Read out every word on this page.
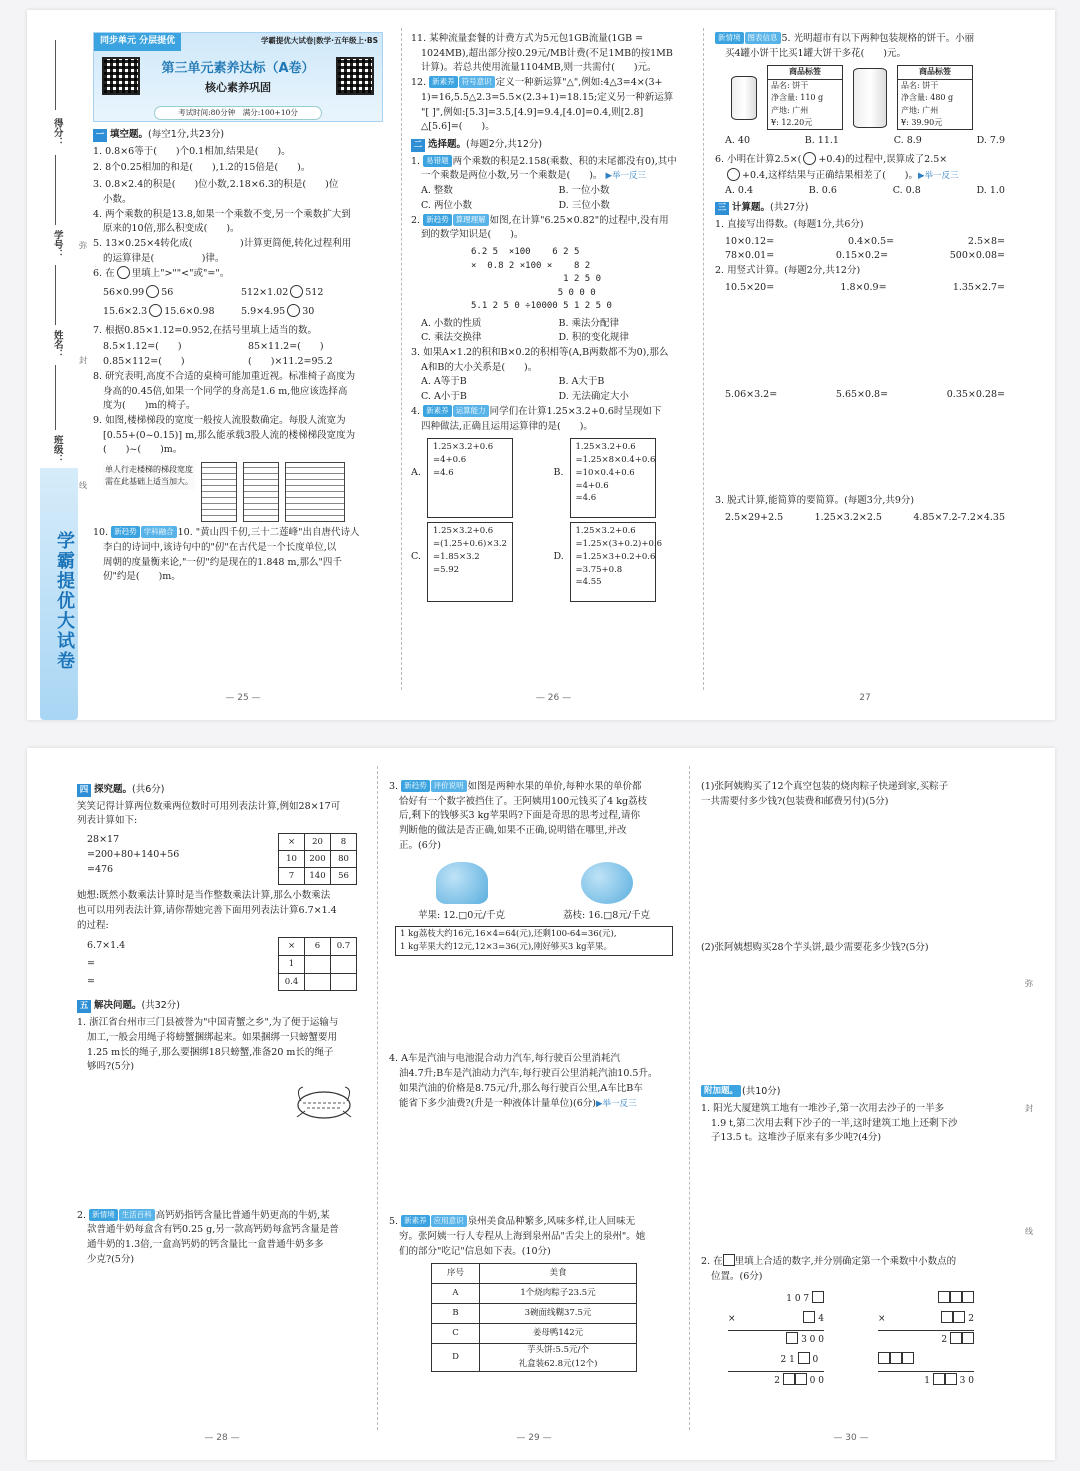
得分：
学号：
姓名：
班级：
弥
封
线
学霸提优大试卷
同步单元 分层提优	学霸提优大试卷|数学·五年级上·BS
第三单元素养达标（A卷）
核心素养巩固
考试时间:80分钟　满分:100+10分
一 填空题。(每空1分,共23分)
1. 0.8×6等于(　　)个0.1相加,结果是(　　)。
2. 8个0.25相加的和是(　　),1.2的15倍是(　　)。
3. 0.8×2.4的积是(　　)位小数,2.18×6.3的积是(　　)位
小数。
4. 两个乘数的积是13.8,如果一个乘数不变,另一个乘数扩大到
原来的10倍,那么积变成(　　)。
5. 13×0.25×4转化成(　　　　　)计算更简便,转化过程利用
的运算律是(　　　　　)律。
6. 在 里填上">""<"或"="。
56×0.99 56	512×1.02 512
15.6×2.3 15.6×0.98	5.9×4.95 30
7. 根据0.85×1.12=0.952,在括号里填上适当的数。
8.5×1.12=(　　)	85×11.2=(　　)
0.85×112=(　　)	(　　)×11.2=95.2
8. 研究表明,高度不合适的桌椅可能加重近视。标准椅子高度为
身高的0.45倍,如果一个同学的身高是1.6 m,他应该选择高
度为(　　)m的椅子。
9. 如图,楼梯梯段的宽度一般按人流股数确定。每股人流宽为
[0.55+(0~0.15)] m,那么能承载3股人流的楼梯梯段宽度为
(　　)~(　　)m。
单人行走楼梯的梯段宽度需在此基础上适当加大。
10. 新趋势 学科融合 10. "黄山四千仞,三十二莲峰"出自唐代诗人
李白的诗词中,该诗句中的"仞"在古代是一个长度单位,以
周朝的度量衡来论,"一仞"约是现在的1.848 m,那么"四千
仞"约是(　　)m。
— 25 —
11. 某种流量套餐的计费方式为5元包1GB流量(1GB =
1024MB),超出部分按0.29元/MB计费(不足1MB的按1MB
计算)。若总共使用流量1104MB,则一共需付(　　)元。
12. 新素养 符号意识 定义一种新运算"△",例如:4△3=4×(3+
1)=16,5.5△2.3=5.5×(2.3+1)=18.15;定义另一种新运算
"[ ]",例如:[5.3]=3.5,[4.9]=9.4,[4.0]=0.4,则[2.8]
△[5.6]=(　　)。
二 选择题。(每题2分,共12分)
1. 易错题 两个乘数的积是2.158(乘数、积的末尾都没有0),其中
一个乘数是两位小数,另一个乘数是(　　)。 ▶举一反三
A. 整数	B. 一位小数
C. 两位小数	D. 三位小数
2. 新趋势 算理理解 如图,在计算"6.25×0.82"的过程中,没有用
到的数学知识是(　　)。
6.2 5  ×100    6 2 5
×  0.8 2 ×100 ×    8 2
1 2 5 0
5 0 0 0
5.1 2 5 0 ÷10000 5 1 2 5 0
A. 小数的性质	B. 乘法分配律
C. 乘法交换律	D. 积的变化规律
3. 如果A×1.2的积和B×0.2的积相等(A,B两数都不为0),那么
A和B的大小关系是(　　)。
A. A等于B	B. A大于B
C. A小于B	D. 无法确定大小
4. 新素养 运算能力 同学们在计算1.25×3.2+0.6时呈现如下
四种做法,正确且运用运算律的是(　　)。
A.
1.25×3.2+0.6
=4+0.6
=4.6	B.
1.25×3.2+0.6
=1.25×8×0.4+0.6
=10×0.4+0.6
=4+0.6
=4.6
C.
1.25×3.2+0.6
=(1.25+0.6)×3.2
=1.85×3.2
=5.92
D.
1.25×3.2+0.6
=1.25×(3+0.2)+0.6
=1.25×3+0.2+0.6
=3.75+0.8
=4.55
— 26 —
新情境 图表信息 5. 光明超市有以下两种包装规格的饼干。小丽
买4罐小饼干比买1罐大饼干多花(　　)元。
商品标签
品名: 饼干
净含量: 110 g
产地: 广州
¥: 12.20元
商品标签
品名: 饼干
净含量: 480 g
产地: 广州
¥: 39.90元
A. 40	B. 11.1	C. 8.9	D. 7.9
6. 小明在计算2.5×( +0.4)的过程中,误算成了2.5×
+0.4,这样结果与正确结果相差了(　　)。▶举一反三
A. 0.4	B. 0.6	C. 0.8	D. 1.0
三 计算题。(共27分)
1. 直接写出得数。(每题1分,共6分)
10×0.12=	0.4×0.5=	2.5×8=
78×0.01=	0.15×0.2=	500×0.08=
2. 用竖式计算。(每题2分,共12分)
10.5×20=	1.8×0.9=	1.35×2.7=
5.06×3.2=	5.65×0.8=	0.35×0.28=
3. 脱式计算,能简算的要简算。(每题3分,共9分)
2.5×29+2.5	1.25×3.2×2.5	4.85×7.2-7.2×4.35
27
四 探究题。(共6分)
笑笑记得计算两位数乘两位数时可用列表法计算,例如28×17可
列表计算如下:
28×17
=200+80+140+56
=476
×	20	8
10	200	80
7	140	56
她想:既然小数乘法计算时是当作整数乘法计算,那么小数乘法
也可以用列表法计算,请你帮她完善下面用列表法计算6.7×1.4
的过程:
6.7×1.4
=
=
×	6	0.7
1		
0.4		
五 解决问题。(共32分)
1. 浙江省台州市三门县被誉为"中国青蟹之乡",为了便于运输与
加工,一般会用绳子将螃蟹捆绑起来。如果捆绑一只螃蟹要用
1.25 m长的绳子,那么要捆绑18只螃蟹,准备20 m长的绳子
够吗?(5分)
2. 新情境 生活百科 高钙奶指钙含量比普通牛奶更高的牛奶,某
款普通牛奶每盒含有钙0.25 g,另一款高钙奶每盒钙含量是普
通牛奶的1.3倍,一盒高钙奶的钙含量比一盒普通牛奶多多
少克?(5分)
— 28 —
3. 新趋势 评价说明 如图是两种水果的单价,每种水果的单价都
恰好有一个数字被挡住了。王阿姨用100元钱买了4 kg荔枝
后,剩下的钱够买3 kg苹果吗?下面是奇思的思考过程,请你
判断他的做法是否正确,如果不正确,说明错在哪里,并改
正。(6分)
苹果: 12.□0元/千克	荔枝: 16.□8元/千克
1 kg荔枝大约16元,16×4=64(元),还剩100-64=36(元),
1 kg苹果大约12元,12×3=36(元),刚好够买3 kg苹果。
4. A车是汽油与电池混合动力汽车,每行驶百公里消耗汽
油4.7升;B车是汽油动力汽车,每行驶百公里消耗汽油10.5升。
如果汽油的价格是8.75元/升,那么每行驶百公里,A车比B车
能省下多少油费?(升是一种液体计量单位)(6分)▶举一反三
5. 新素养 应用意识 泉州美食品种繁多,风味多样,让人回味无
穷。张阿姨一行人专程从上海到泉州品"舌尖上的泉州"。她
们的部分"吃记"信息如下表。(10分)
序号	美食
A	1个烧肉粽子23.5元
B	3碗面线糊37.5元
C	姜母鸭142元
D	芋头饼:5.5元/个
礼盒装62.8元(12个)
— 29 —
(1)张阿姨购买了12个真空包装的烧肉粽子快递到家,买粽子
一共需要付多少钱?(包装费和邮费另付)(5分)
(2)张阿姨想购买28个芋头饼,最少需要花多少钱?(5分)
附加题。 (共10分)
1. 阳光大厦建筑工地有一堆沙子,第一次用去沙子的一半多
1.9 t,第二次用去剩下沙子的一半,这时建筑工地上还剩下沙
子13.5 t。这堆沙子原来有多少吨?(4分)
2. 在 里填上合适的数字,并分别确定第一个乘数中小数点的
位置。(6分)
1 0 7
×	4
3 0 0
2 1  0
2	0 0
×	2
2
1	3 0
弥
封
线
— 30 —
